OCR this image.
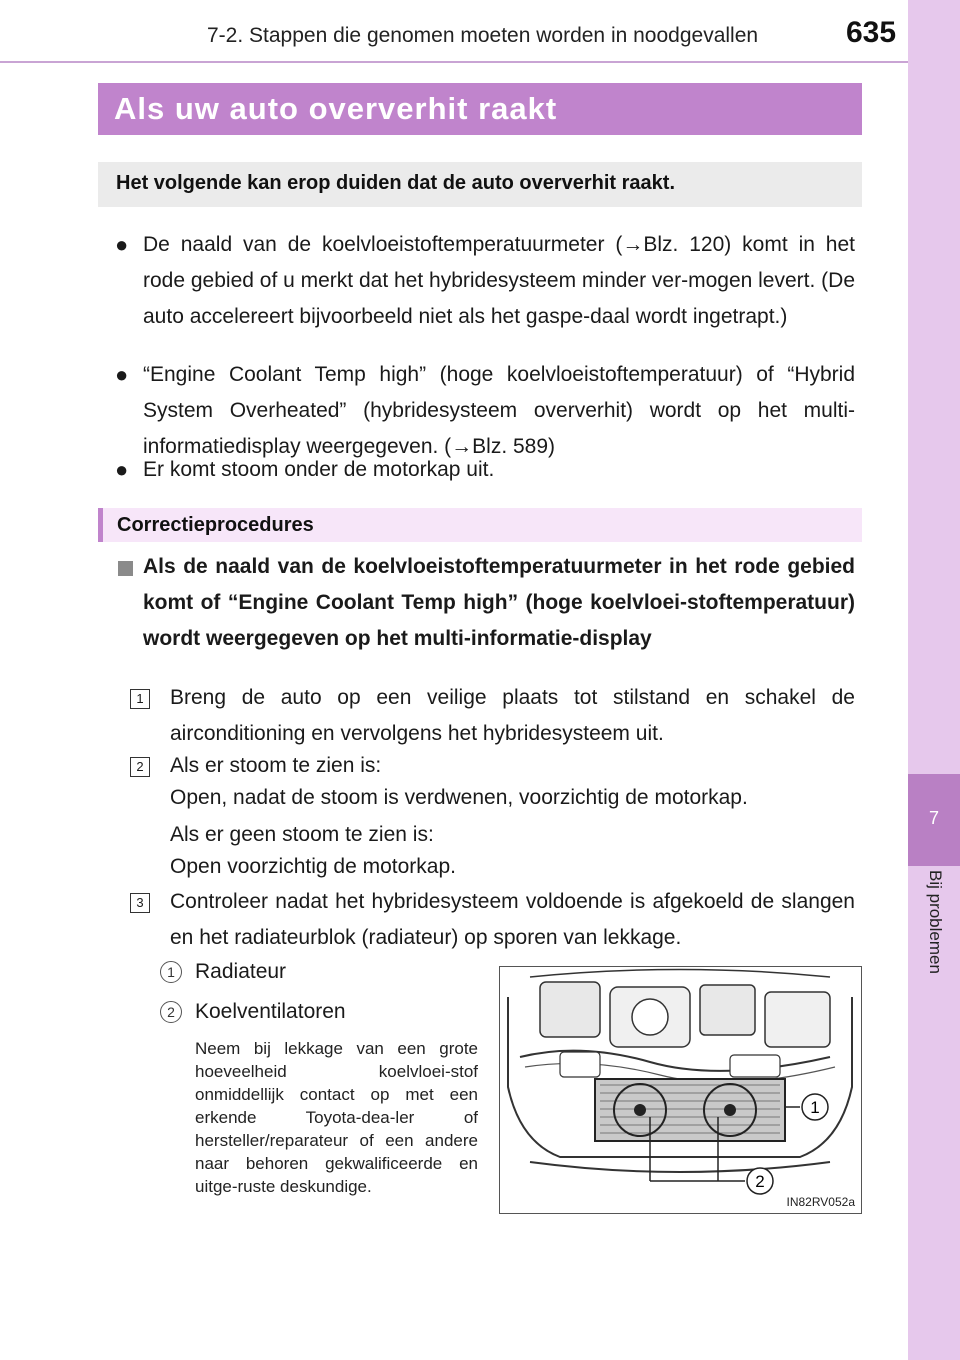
7-2. Stappen die genomen moeten worden in noodgevallen	635
7
Bij problemen
Als uw auto oververhit raakt
Het volgende kan erop duiden dat de auto oververhit raakt.
● De naald van de koelvloeistoftemperatuurmeter (→Blz. 120) komt in het rode gebied of u merkt dat het hybridesysteem minder ver-mogen levert. (De auto accelereert bijvoorbeeld niet als het gaspe-daal wordt ingetrapt.)
● “Engine Coolant Temp high” (hoge koelvloeistoftemperatuur) of “Hybrid System Overheated” (hybridesysteem oververhit) wordt op het multi-informatiedisplay weergegeven. (→Blz. 589)
● Er komt stoom onder de motorkap uit.
Correctieprocedures
Als de naald van de koelvloeistoftemperatuurmeter in het rode gebied komt of “Engine Coolant Temp high” (hoge koelvloei-stoftemperatuur) wordt weergegeven op het multi-informatie-display
1	Breng de auto op een veilige plaats tot stilstand en schakel de airconditioning en vervolgens het hybridesysteem uit.
2	Als er stoom te zien is:
Open, nadat de stoom is verdwenen, voorzichtig de motorkap.
Als er geen stoom te zien is:
Open voorzichtig de motorkap.
3	Controleer nadat het hybridesysteem voldoende is afgekoeld de slangen en het radiateurblok (radiateur) op sporen van lekkage.
1 Radiateur
2 Koelventilatoren
Neem bij lekkage van een grote hoeveelheid koelvloei-stof onmiddellijk contact op met een erkende Toyota-dea-ler of hersteller/reparateur of een andere naar behoren gekwalificeerde en uitge-ruste deskundige.
1
2
IN82RV052a
